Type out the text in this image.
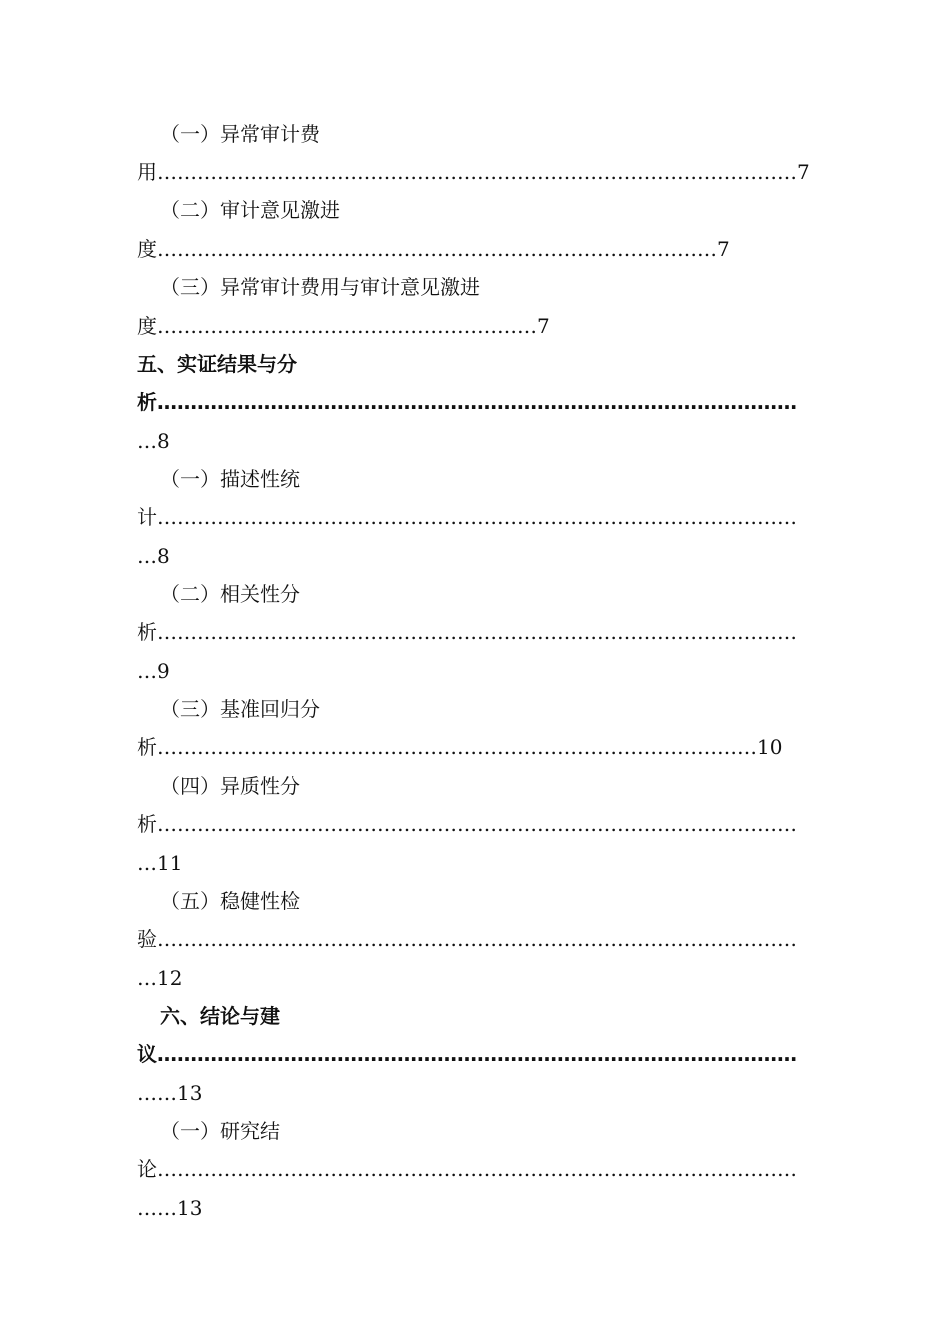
（一）异常审计费
用……………………………………………………………………………………7
（二）审计意见激进
度…………………………………………………………………………7
（三）异常审计费用与审计意见激进
度…………………………………………………7
五、实证结果与分
析……………………………………………………………………………………
…8
（一）描述性统
计……………………………………………………………………………………
…8
（二）相关性分
析……………………………………………………………………………………
…9
（三）基准回归分
析………………………………………………………………………………10
（四）异质性分
析……………………………………………………………………………………
…11
（五）稳健性检
验……………………………………………………………………………………
…12
六、结论与建
议……………………………………………………………………………………
……13
（一）研究结
论……………………………………………………………………………………
……13
